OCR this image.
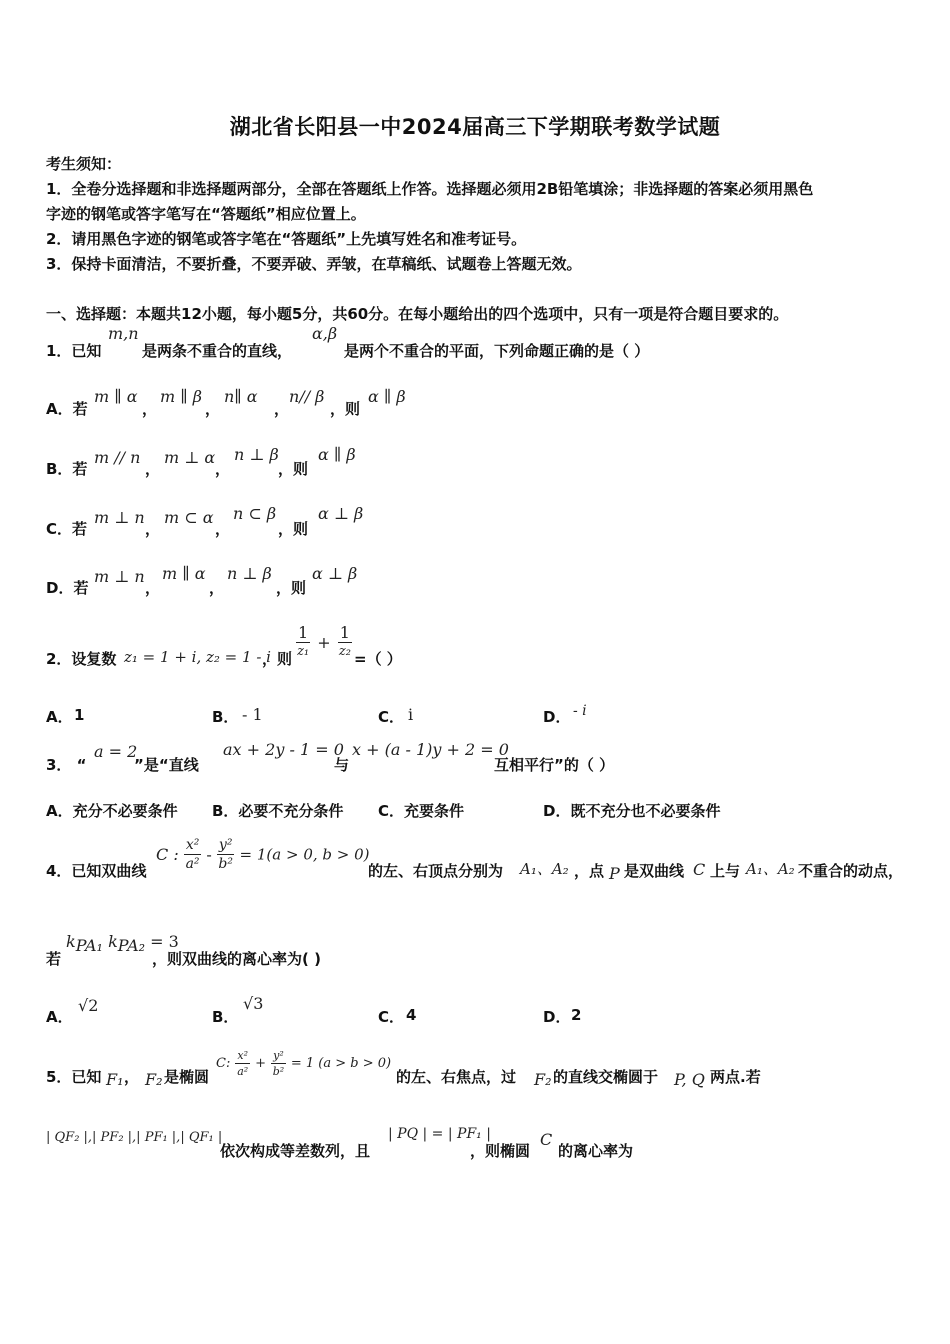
湖北省长阳县一中2024届高三下学期联考数学试题
考生须知：
1．全卷分选择题和非选择题两部分，全部在答题纸上作答。选择题必须用2B铅笔填涂；非选择题的答案必须用黑色
字迹的钢笔或答字笔写在“答题纸”相应位置上。
2．请用黑色字迹的钢笔或答字笔在“答题纸”上先填写姓名和准考证号。
3．保持卡面清洁，不要折叠，不要弄破、弄皱，在草稿纸、试题卷上答题无效。
一、选择题：本题共12小题，每小题5分，共60分。在每小题给出的四个选项中，只有一项是符合题目要求的。
1．已知
m,n
是两条不重合的直线，
α,β
是两个不重合的平面，下列命题正确的是（ ）
A．若
m ∥ α
，
m ∥ β
，
n∥ α
，
n// β
，则
α ∥ β
B．若
m // n
，
m ⊥ α
，
n ⊥ β
，则
α ∥ β
C．若
m ⊥ n
，
m ⊂ α
，
n ⊂ β
，则
α ⊥ β
D．若
m ⊥ n
，
m ∥ α
，
n ⊥ β
，则
α ⊥ β
2．设复数 z₁ = 1 + i, z₂ = 1 - i
，则 $\frac{1}{\text{z₁}} + \frac{1}{\text{z₂}}$ =（ ）
A． 1	B． - 1	C． i	D． - i
3． “
a = 2
”是“直线
ax + 2y - 1 = 0
与
x + (a - 1)y + 2 = 0
互相平行”的（ ）
A．充分不必要条件 B．必要不充分条件 C．充要条件	D．既不充分也不必要条件
4．已知双曲线
C : $\frac{\text{x²}}{\text{a²}} - \frac{\text{y²}}{\text{b²}} = 1(a > 0$, b > 0)
的左、右顶点分别为 A₁、A₂ ，点 P 是双曲线 C 上与 A₁、A₂ 不重合的动点，
若
$k_{PA_1}$ $k_{PA_2} = 3$
，则双曲线的离心率为( )
A．
√2
B．
√3
C． 4	D． 2
5．已知 F₁ ， F₂ 是椭圆
C: $\frac{\text{x²}}{\text{a²}} + \frac{\text{y²}}{\text{b²}} = 1$ (a > b > 0)
的左、右焦点，过 F₂ 的直线交椭圆于 P, Q 两点.若
| QF₂ |,| PF₂ |,| PF₁ |,| QF₁ |
依次构成等差数列，且
| PQ | = | PF₁ |
，则椭圆
C
的离心率为
